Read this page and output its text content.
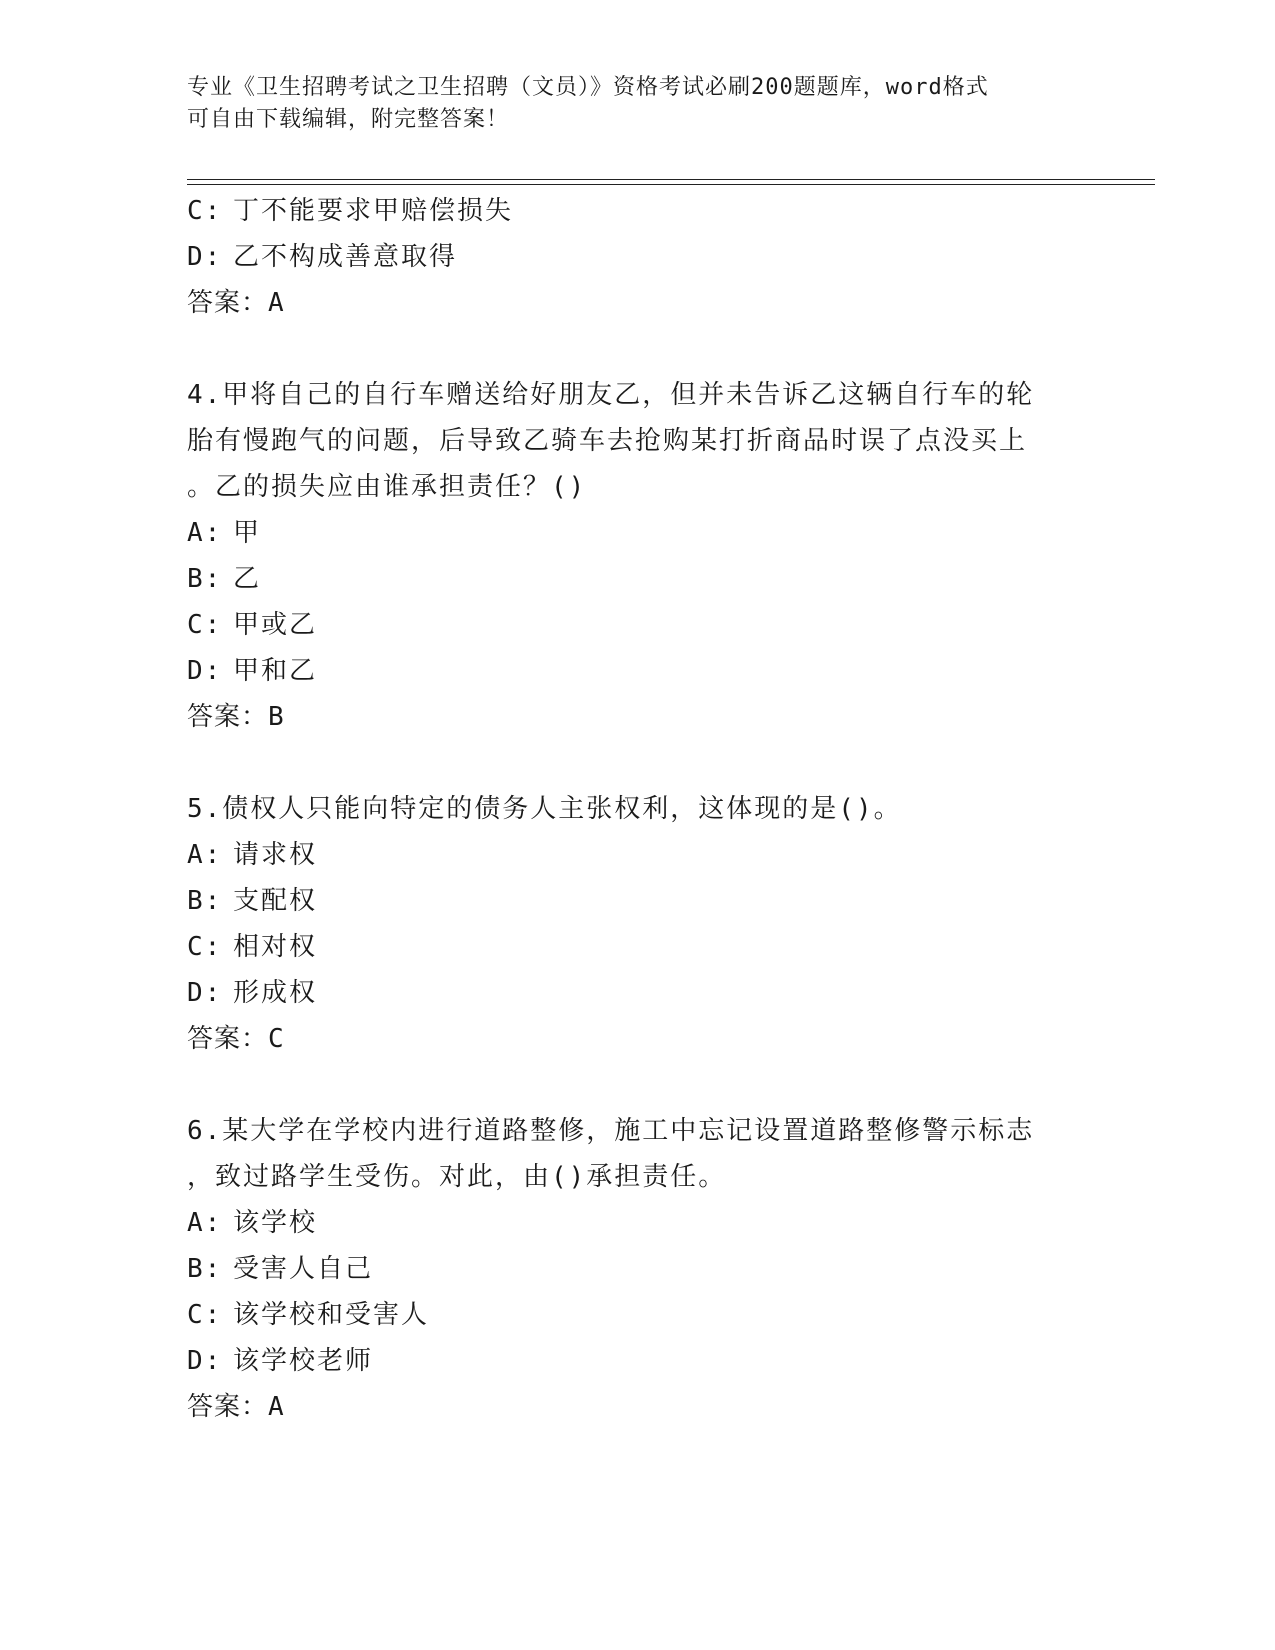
专业《卫生招聘考试之卫生招聘（文员）》资格考试必刷200题题库，word格式
可自由下载编辑，附完整答案！
C: 丁不能要求甲赔偿损失
D: 乙不构成善意取得
答案：A
4.甲将自己的自行车赠送给好朋友乙，但并未告诉乙这辆自行车的轮
胎有慢跑气的问题，后导致乙骑车去抢购某打折商品时误了点没买上
。乙的损失应由谁承担责任？()
A: 甲
B: 乙
C: 甲或乙
D: 甲和乙
答案：B
5.债权人只能向特定的债务人主张权利，这体现的是()。
A: 请求权
B: 支配权
C: 相对权
D: 形成权
答案：C
6.某大学在学校内进行道路整修，施工中忘记设置道路整修警示标志
，致过路学生受伤。对此，由()承担责任。
A: 该学校
B: 受害人自己
C: 该学校和受害人
D: 该学校老师
答案：A
